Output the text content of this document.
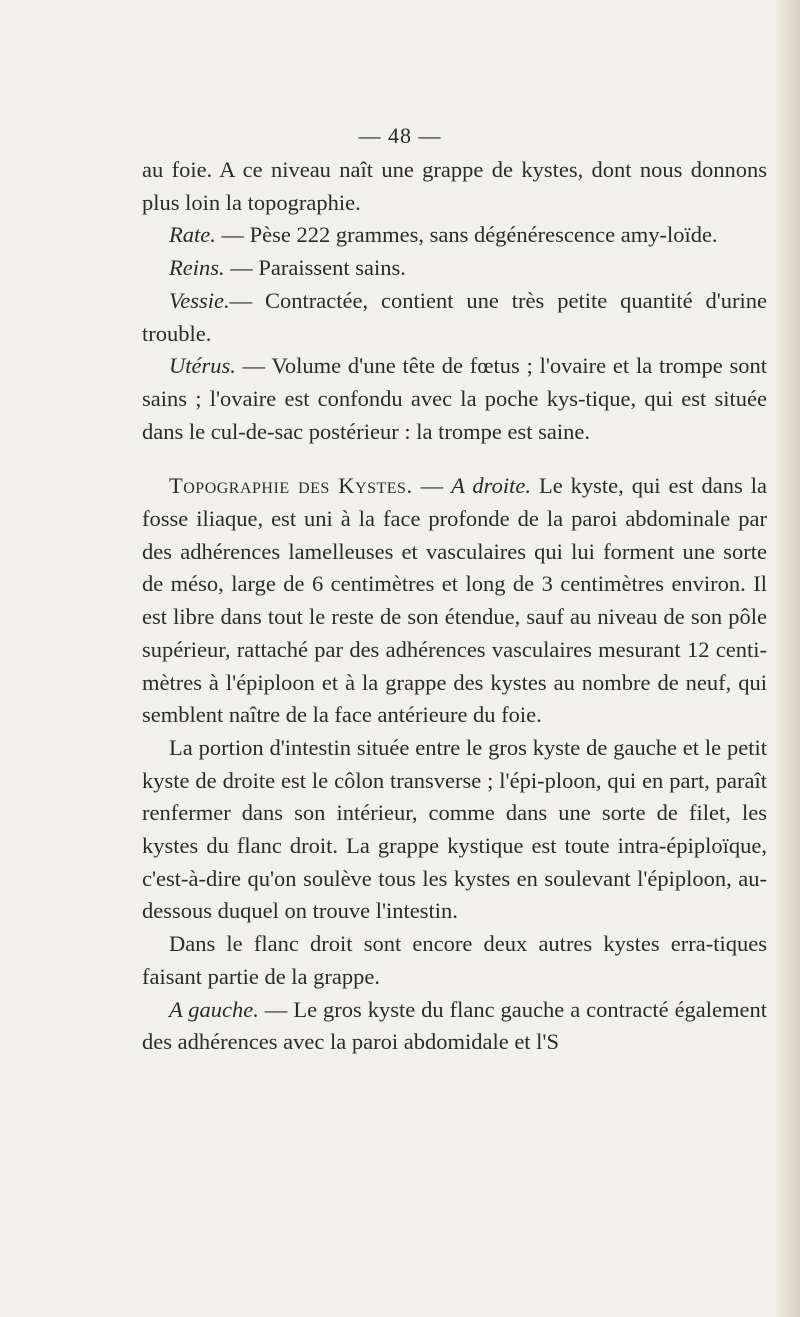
— 48 —

au foie. A ce niveau naît une grappe de kystes, dont nous donnons plus loin la topographie.

Rate. — Pèse 222 grammes, sans dégénérescence amy-loïde.

Reins. — Paraissent sains.

Vessie.— Contractée, contient une très petite quantité d'urine trouble.

Utérus. — Volume d'une tête de fœtus ; l'ovaire et la trompe sont sains ; l'ovaire est confondu avec la poche kys-tique, qui est située dans le cul-de-sac postérieur : la trompe est saine.

Topographie des Kystes. — A droite. Le kyste, qui est dans la fosse iliaque, est uni à la face profonde de la paroi abdominale par des adhérences lamelleuses et vasculaires qui lui forment une sorte de méso, large de 6 centimètres et long de 3 centimètres environ. Il est libre dans tout le reste de son étendue, sauf au niveau de son pôle supérieur, rattaché par des adhérences vasculaires mesurant 12 centi-mètres à l'épiploon et à la grappe des kystes au nombre de neuf, qui semblent naître de la face antérieure du foie.

La portion d'intestin située entre le gros kyste de gauche et le petit kyste de droite est le côlon transverse ; l'épi-ploon, qui en part, paraît renfermer dans son intérieur, comme dans une sorte de filet, les kystes du flanc droit. La grappe kystique est toute intra-épiploïque, c'est-à-dire qu'on soulève tous les kystes en soulevant l'épiploon, au-dessous duquel on trouve l'intestin.

Dans le flanc droit sont encore deux autres kystes erra-tiques faisant partie de la grappe.

A gauche. — Le gros kyste du flanc gauche a contracté également des adhérences avec la paroi abdomidale et l'S
